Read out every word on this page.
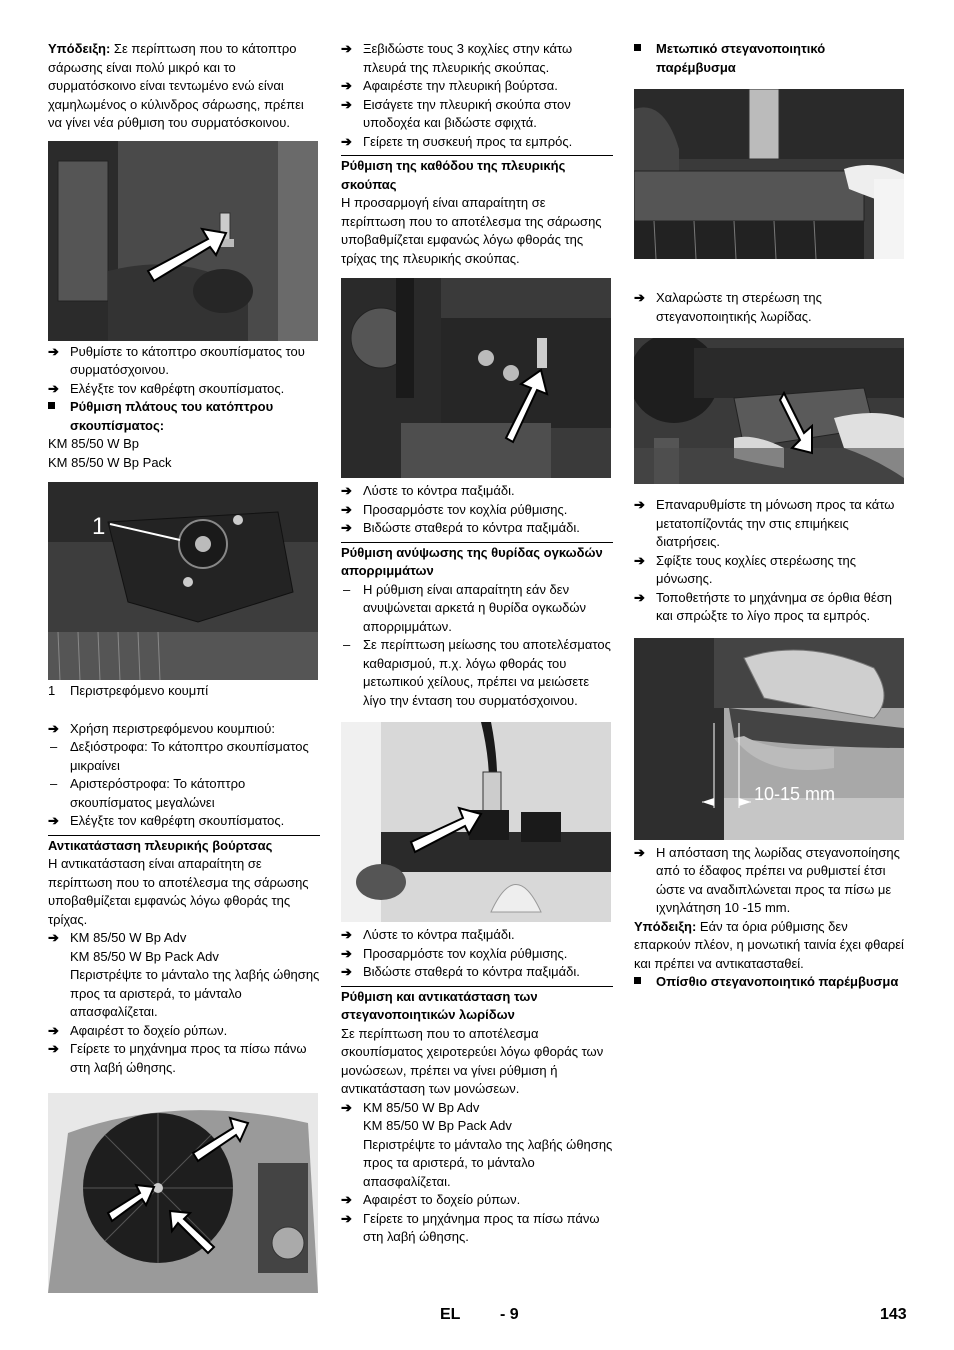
Υπόδειξη: Σε περίπτωση που το κάτοπτρο σάρωσης είναι πολύ μικρό και το συρματόσκοινο είναι τεντωμένο ενώ είναι χαμηλωμένος ο κύλινδρος σάρωσης, πρέπει να γίνει νέα ρύθμιση του συρματόσκοινου.

➔ Ρυθμίστε το κάτοπτρο σκουπίσματος του συρματόσχοινου.

➔ Ελέγξτε τον καθρέφτη σκουπίσματος.

Ρύθμιση πλάτους του κατόπτρου σκουπίσματος:

KM 85/50 W Bp

KM 85/50 W Bp Pack

1

1	Περιστρεφόμενο κουμπί

➔ Χρήση περιστρεφόμενου κουμπιού:

– Δεξιόστροφα: Το κάτοπτρο σκουπίσματος μικραίνει

– Αριστερόστροφα: Το κάτοπτρο σκουπίσματος μεγαλώνει

➔ Ελέγξτε τον καθρέφτη σκουπίσματος.

Αντικατάσταση πλευρικής βούρτσας

Η αντικατάσταση είναι απαραίτητη σε περίπτωση που το αποτέλεσμα της σάρωσης υποβαθμίζεται εμφανώς λόγω φθοράς της τρίχας.

➔ KM 85/50 W Bp Adv

KM 85/50 W Bp Pack Adv

Περιστρέψτε το μάνταλο της λαβής ώθησης προς τα αριστερά, το μάνταλο απασφαλίζεται.

➔ Αφαιρέστ το δοχείο ρύπων.

➔ Γείρετε το μηχάνημα προς τα πίσω πάνω στη λαβή ώθησης.

➔ Ξεβιδώστε τους 3 κοχλίες στην κάτω πλευρά της πλευρικής σκούπας.

➔ Αφαιρέστε την πλευρική βούρτσα.

➔ Εισάγετε την πλευρική σκούπα στον υποδοχέα και βιδώστε σφιχτά.

➔ Γείρετε τη συσκευή προς τα εμπρός.

Ρύθμιση της καθόδου της πλευρικής σκούπας

Η προσαρμογή είναι απαραίτητη σε περίπτωση που το αποτέλεσμα της σάρωσης υποβαθμίζεται εμφανώς λόγω φθοράς της τρίχας της πλευρικής σκούπας.

➔ Λύστε το κόντρα παξιμάδι.

➔ Προσαρμόστε τον κοχλία ρύθμισης.

➔ Βιδώστε σταθερά το κόντρα παξιμάδι.

Ρύθμιση ανύψωσης της θυρίδας ογκωδών απορριμμάτων

– Η ρύθμιση είναι απαραίτητη εάν δεν ανυψώνεται αρκετά η θυρίδα ογκωδών απορριμμάτων.

– Σε περίπτωση μείωσης του αποτελέσματος καθαρισμού, π.χ. λόγω φθοράς του μετωπικού χείλους, πρέπει να μειώσετε λίγο την ένταση του συρματόσχοινου.

➔ Λύστε το κόντρα παξιμάδι.

➔ Προσαρμόστε τον κοχλία ρύθμισης.

➔ Βιδώστε σταθερά το κόντρα παξιμάδι.

Ρύθμιση και αντικατάσταση των στεγανοποιητικών λωρίδων

Σε περίπτωση που το αποτέλεσμα σκουπίσματος χειροτερεύει λόγω φθοράς των μονώσεων, πρέπει να γίνει ρύθμιση ή αντικατάσταση των μονώσεων.

➔ KM 85/50 W Bp Adv

KM 85/50 W Bp Pack Adv

Περιστρέψτε το μάνταλο της λαβής ώθησης προς τα αριστερά, το μάνταλο απασφαλίζεται.

➔ Αφαιρέστ το δοχείο ρύπων.

➔ Γείρετε το μηχάνημα προς τα πίσω πάνω στη λαβή ώθησης.

Μετωπικό στεγανοποιητικό παρέμβυσμα

➔ Χαλαρώστε τη στερέωση της στεγανοποιητικής λωρίδας.

➔ Επαναρυθμίστε τη μόνωση προς τα κάτω μετατοπίζοντάς την στις επιμήκεις διατρήσεις.

➔ Σφίξτε τους κοχλίες στερέωσης της μόνωσης.

➔ Τοποθετήστε το μηχάνημα σε όρθια θέση και σπρώξτε το λίγο προς τα εμπρός.

10-15 mm

➔ Η απόσταση της λωρίδας στεγανοποίησης από το έδαφος πρέπει να ρυθμιστεί έτσι ώστε να αναδιπλώνεται προς τα πίσω με ιχνηλάτηση 10 -15 mm.

Υπόδειξη: Εάν τα όρια ρύθμισης δεν επαρκούν πλέον, η μονωτική ταινία έχει φθαρεί και πρέπει να αντικατασταθεί.

Οπίσθιο στεγανοποιητικό παρέμβυσμα

EL - 9	143
